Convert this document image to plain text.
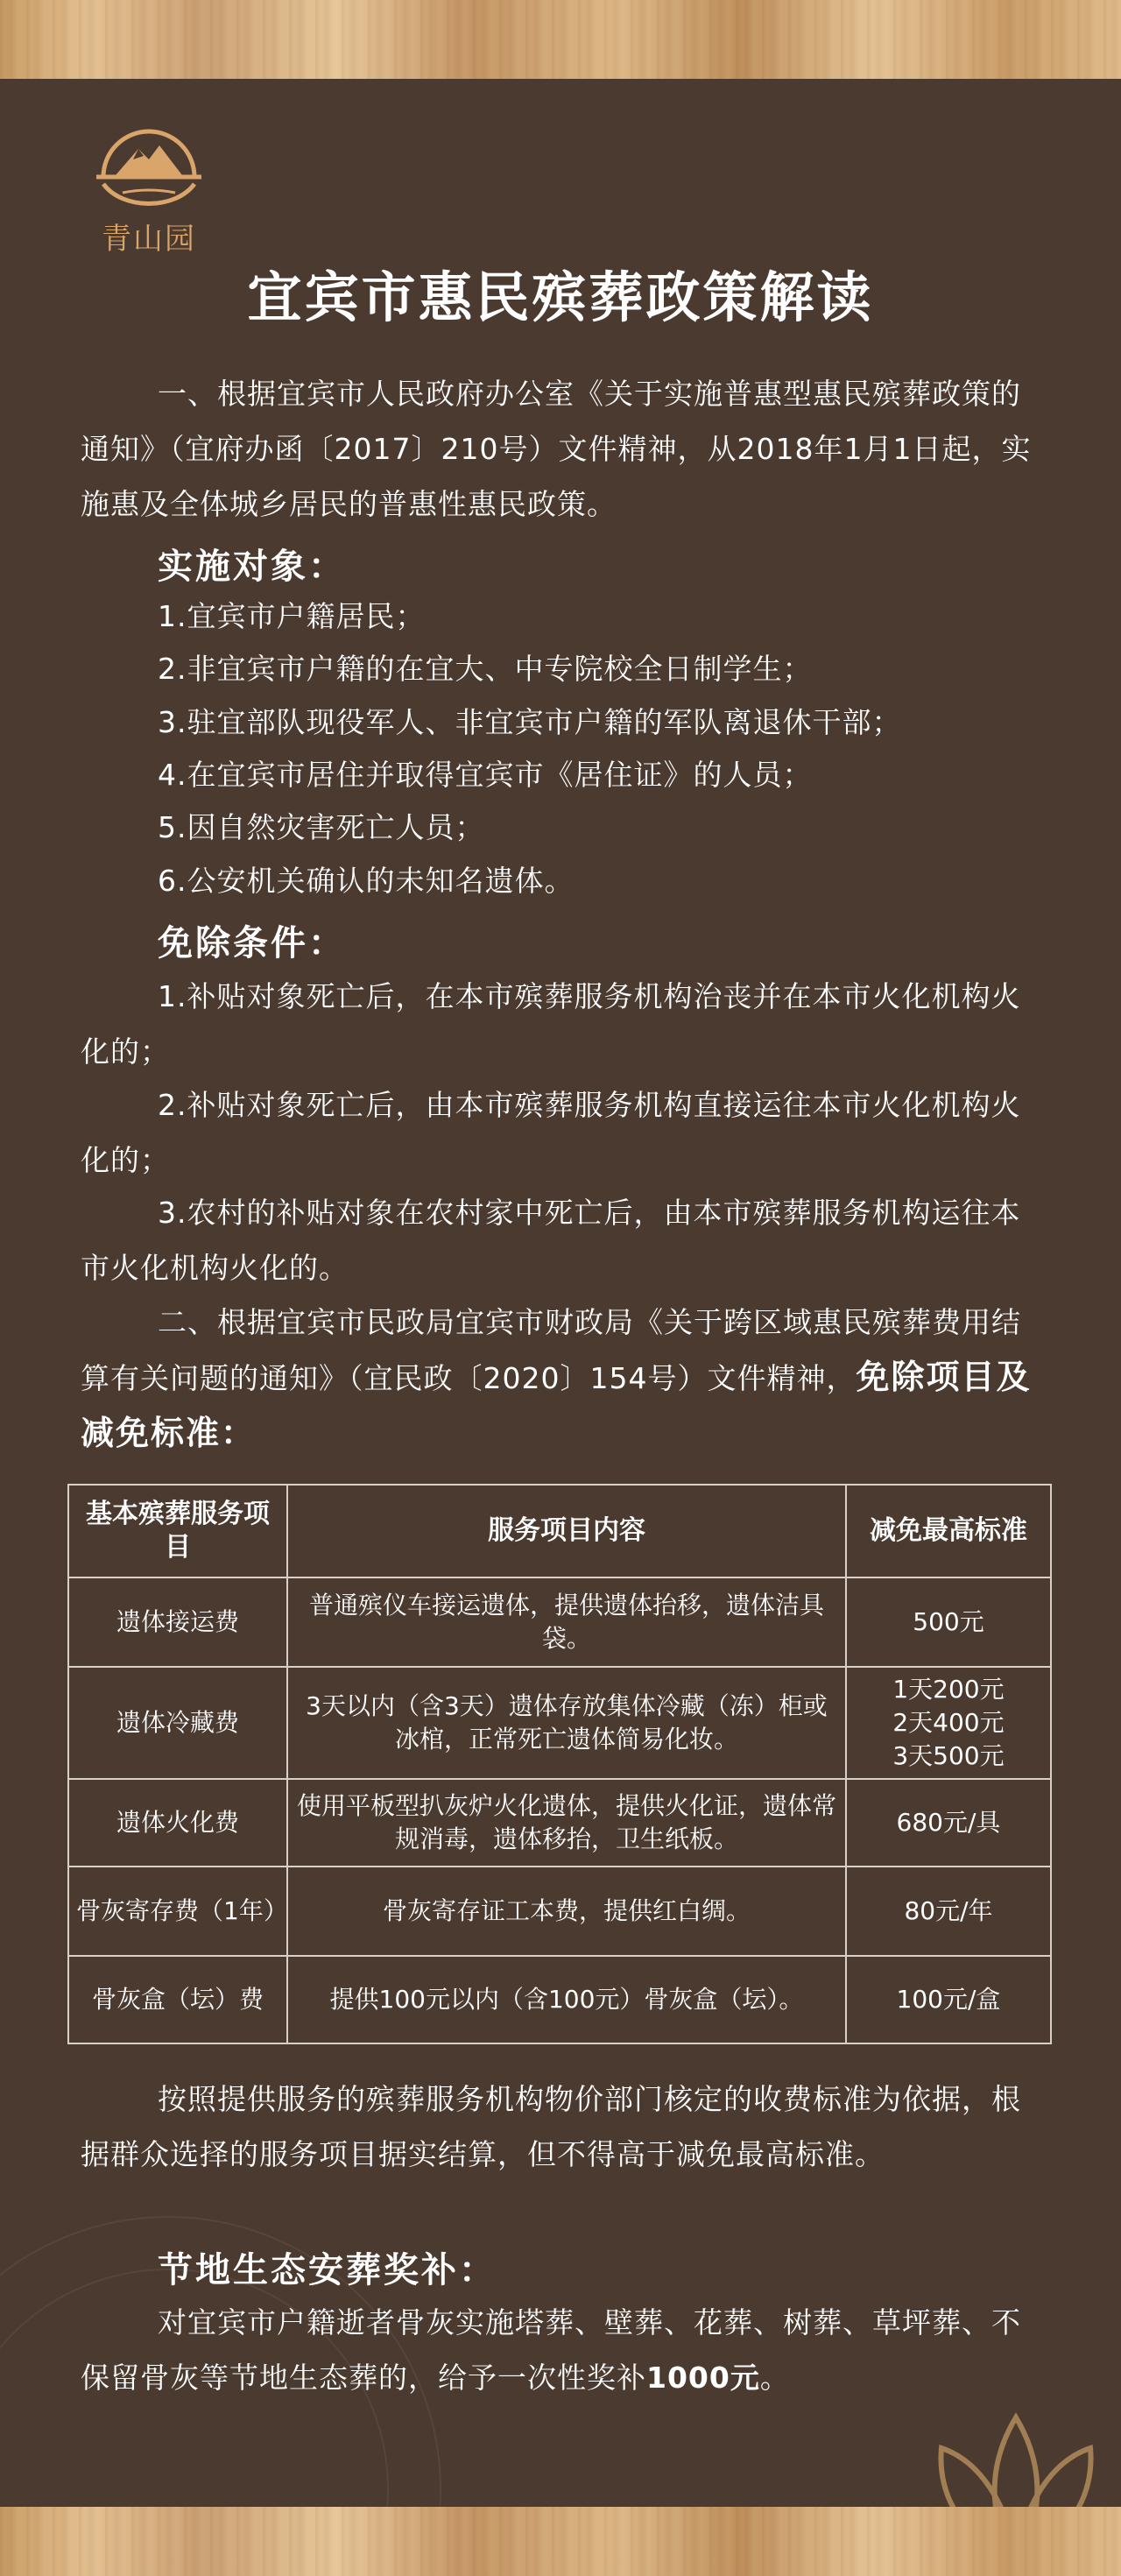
青山园
宜宾市惠民殡葬政策解读

一、根据宜宾市人民政府办公室《关于实施普惠型惠民殡葬政策的通知》（宜府办函〔2017〕210号）文件精神，从2018年1月1日起，实施惠及全体城乡居民的普惠性惠民政策。

实施对象：
1.宜宾市户籍居民；
2.非宜宾市户籍的在宜大、中专院校全日制学生；
3.驻宜部队现役军人、非宜宾市户籍的军队离退休干部；
4.在宜宾市居住并取得宜宾市《居住证》的人员；
5.因自然灾害死亡人员；
6.公安机关确认的未知名遗体。
免除条件：

1.补贴对象死亡后，在本市殡葬服务机构治丧并在本市火化机构火化的；

2.补贴对象死亡后，由本市殡葬服务机构直接运往本市火化机构火化的；

3.农村的补贴对象在农村家中死亡后，由本市殡葬服务机构运往本市火化机构火化的。

二、根据宜宾市民政局宜宾市财政局《关于跨区域惠民殡葬费用结算有关问题的通知》（宜民政〔2020〕154号）文件精神，免除项目及减免标准：

基本殡葬服务项目	服务项目内容	减免最高标准
遗体接运费	普通殡仪车接运遗体，提供遗体抬移，遗体洁具袋。	500元
遗体冷藏费	3天以内（含3天）遗体存放集体冷藏（冻）柜或冰棺，正常死亡遗体简易化妆。	1天200元
2天400元
3天500元
遗体火化费	使用平板型扒灰炉火化遗体，提供火化证，遗体常规消毒，遗体移抬，卫生纸板。	680元/具
骨灰寄存费（1年）	骨灰寄存证工本费，提供红白绸。	80元/年
骨灰盒（坛）费	提供100元以内（含100元）骨灰盒（坛）。	100元/盒

按照提供服务的殡葬服务机构物价部门核定的收费标准为依据，根据群众选择的服务项目据实结算，但不得高于减免最高标准。

节地生态安葬奖补：

对宜宾市户籍逝者骨灰实施塔葬、壁葬、花葬、树葬、草坪葬、不保留骨灰等节地生态葬的，给予一次性奖补1000元。
